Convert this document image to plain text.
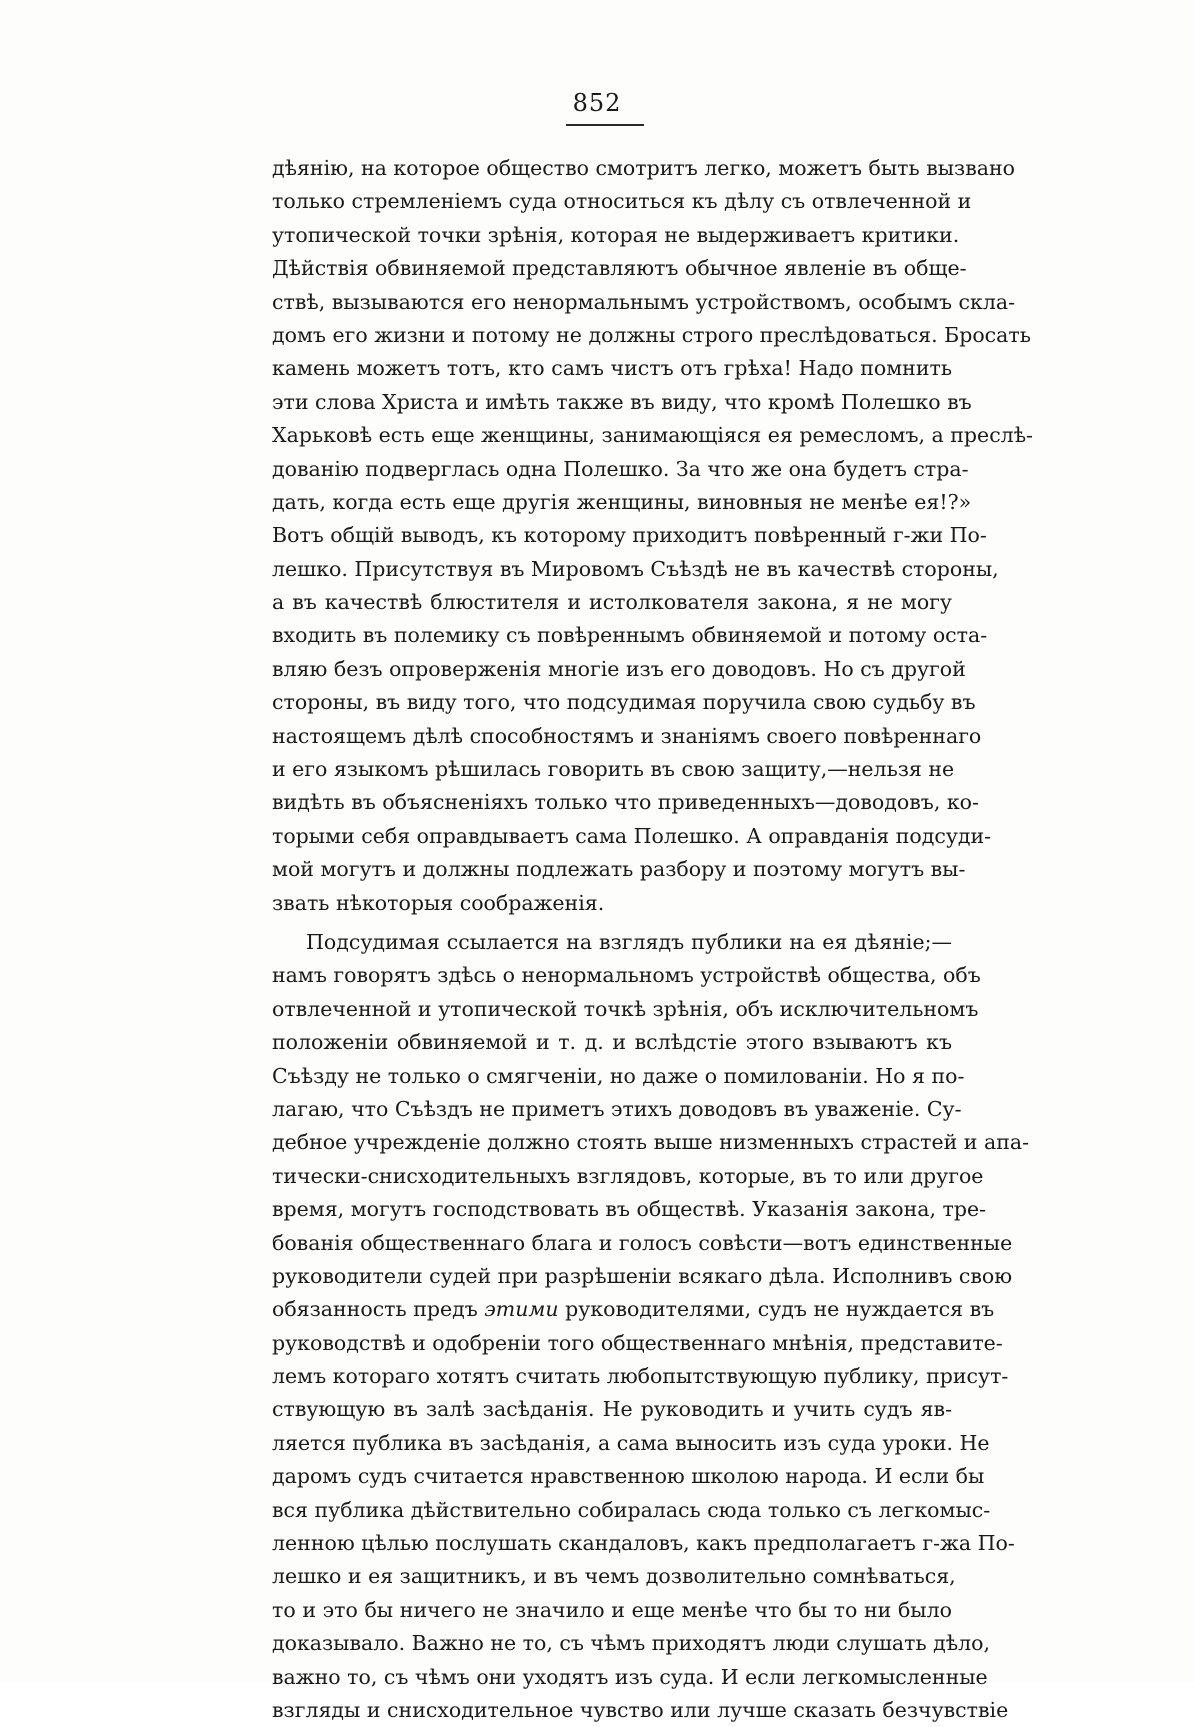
852
дѣянію, на которое общество смотритъ легко, можетъ быть вызвано
только стремленіемъ суда относиться къ дѣлу съ отвлеченной и
утопической точки зрѣнія, которая не выдерживаетъ критики.
Дѣйствія обвиняемой представляютъ обычное явленіе въ обще-
ствѣ, вызываются его ненормальнымъ устройствомъ, особымъ скла-
домъ его жизни и потому не должны строго преслѣдоваться. Бросать
камень можетъ тотъ, кто самъ чистъ отъ грѣха! Надо помнить
эти слова Христа и имѣть также въ виду, что кромѣ Полешко въ
Харьковѣ есть еще женщины, занимающіяся ея ремесломъ, а преслѣ-
дованію подверглась одна Полешко. За что же она будетъ стра-
дать, когда есть еще другія женщины, виновныя не менѣе ея!?»
Вотъ общій выводъ, къ которому приходитъ повѣренный г-жи По-
лешко. Присутствуя въ Мировомъ Съѣздѣ не въ качествѣ стороны,
а въ качествѣ блюстителя и истолкователя закона, я не могу
входить въ полемику съ повѣреннымъ обвиняемой и потому оста-
вляю безъ опроверженія многіе изъ его доводовъ. Но съ другой
стороны, въ виду того, что подсудимая поручила свою судьбу въ
настоящемъ дѣлѣ способностямъ и знаніямъ своего повѣреннаго
и его языкомъ рѣшилась говорить въ свою защиту,—нельзя не
видѣть въ объясненіяхъ только что приведенныхъ—доводовъ, ко-
торыми себя оправдываетъ сама Полешко. А оправданія подсуди-
мой могутъ и должны подлежать разбору и поэтому могутъ вы-
звать нѣкоторыя соображенія.
Подсудимая ссылается на взглядъ публики на ея дѣяніе;—
намъ говорятъ здѣсь о ненормальномъ устройствѣ общества, объ
отвлеченной и утопической точкѣ зрѣнія, объ исключительномъ
положеніи обвиняемой и т. д. и вслѣдстіе этого взываютъ къ
Съѣзду не только о смягченіи, но даже о помилованіи. Но я по-
лагаю, что Съѣздъ не приметъ этихъ доводовъ въ уваженіе. Су-
дебное учрежденіе должно стоять выше низменныхъ страстей и апа-
тически-снисходительныхъ взглядовъ, которые, въ то или другое
время, могутъ господствовать въ обществѣ. Указанія закона, тре-
бованія общественнаго блага и голосъ совѣсти—вотъ единственные
руководители судей при разрѣшеніи всякаго дѣла. Исполнивъ свою
обязанность предъ этими руководителями, судъ не нуждается въ
руководствѣ и одобреніи того общественнаго мнѣнія, представите-
лемъ котораго хотятъ считать любопытствующую публику, присут-
ствующую въ залѣ засѣданія. Не руководить и учить судъ яв-
ляется публика въ засѣданія, а сама выносить изъ суда уроки. Не
даромъ судъ считается нравственною школою народа. И если бы
вся публика дѣйствительно собиралась сюда только съ легкомыс-
ленною цѣлью послушать скандаловъ, какъ предполагаетъ г-жа По-
лешко и ея защитникъ, и въ чемъ дозволительно сомнѣваться,
то и это бы ничего не значило и еще менѣе что бы то ни было
доказывало. Важно не то, съ чѣмъ приходятъ люди слушать дѣло,
важно то, съ чѣмъ они уходятъ изъ суда. И если легкомысленные
взгляды и снисходительное чувство или лучше сказать безчувствіе
